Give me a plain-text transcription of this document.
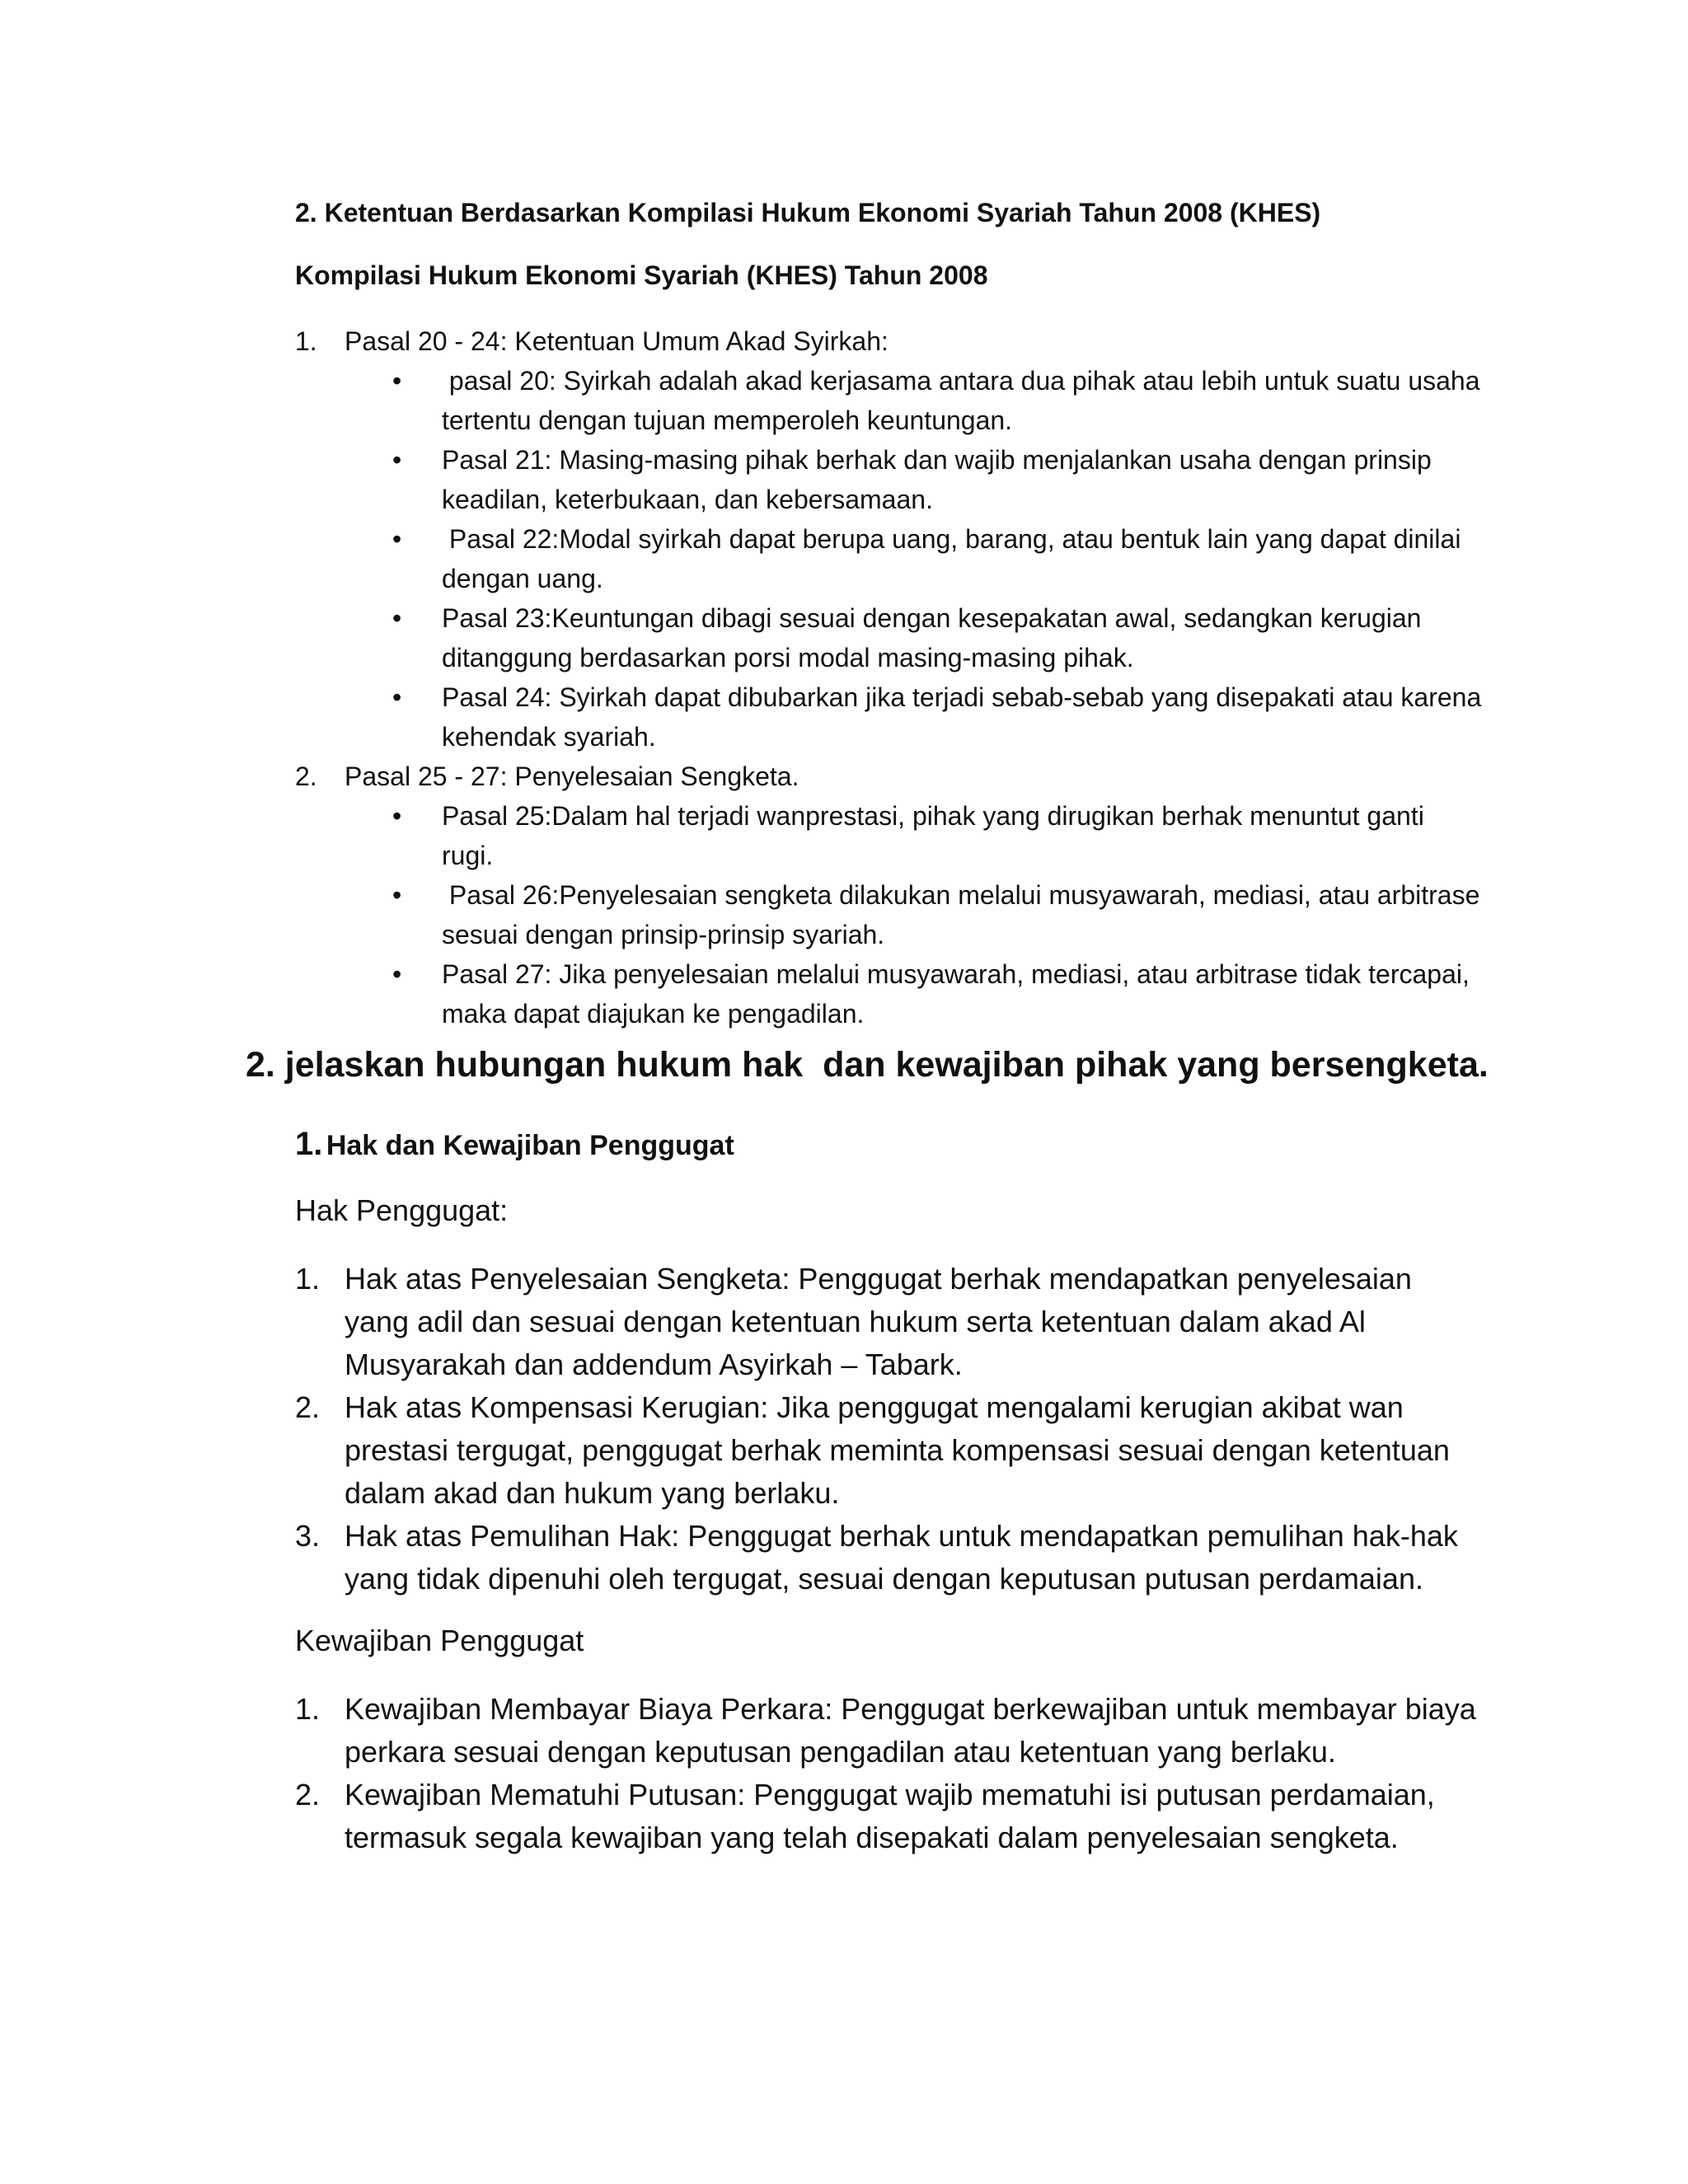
2. Ketentuan Berdasarkan Kompilasi Hukum Ekonomi Syariah Tahun 2008 (KHES)
Kompilasi Hukum Ekonomi Syariah (KHES) Tahun 2008
1. Pasal 20 - 24: Ketentuan Umum Akad Syirkah:
• pasal 20: Syirkah adalah akad kerjasama antara dua pihak atau lebih untuk suatu usaha tertentu dengan tujuan memperoleh keuntungan.
• Pasal 21: Masing-masing pihak berhak dan wajib menjalankan usaha dengan prinsip keadilan, keterbukaan, dan kebersamaan.
• Pasal 22:Modal syirkah dapat berupa uang, barang, atau bentuk lain yang dapat dinilai dengan uang.
• Pasal 23:Keuntungan dibagi sesuai dengan kesepakatan awal, sedangkan kerugian ditanggung berdasarkan porsi modal masing-masing pihak.
• Pasal 24: Syirkah dapat dibubarkan jika terjadi sebab-sebab yang disepakati atau karena kehendak syariah.
2. Pasal 25 - 27: Penyelesaian Sengketa.
• Pasal 25:Dalam hal terjadi wanprestasi, pihak yang dirugikan berhak menuntut ganti rugi.
• Pasal 26:Penyelesaian sengketa dilakukan melalui musyawarah, mediasi, atau arbitrase sesuai dengan prinsip-prinsip syariah.
• Pasal 27: Jika penyelesaian melalui musyawarah, mediasi, atau arbitrase tidak tercapai, maka dapat diajukan ke pengadilan.
2. jelaskan hubungan hukum hak  dan kewajiban pihak yang bersengketa.
1. Hak dan Kewajiban Penggugat
Hak Penggugat:
1. Hak atas Penyelesaian Sengketa: Penggugat berhak mendapatkan penyelesaian yang adil dan sesuai dengan ketentuan hukum serta ketentuan dalam akad Al Musyarakah dan addendum Asyirkah – Tabark.
2. Hak atas Kompensasi Kerugian: Jika penggugat mengalami kerugian akibat wan prestasi tergugat, penggugat berhak meminta kompensasi sesuai dengan ketentuan dalam akad dan hukum yang berlaku.
3. Hak atas Pemulihan Hak: Penggugat berhak untuk mendapatkan pemulihan hak-hak yang tidak dipenuhi oleh tergugat, sesuai dengan keputusan putusan perdamaian.
Kewajiban Penggugat
1. Kewajiban Membayar Biaya Perkara: Penggugat berkewajiban untuk membayar biaya perkara sesuai dengan keputusan pengadilan atau ketentuan yang berlaku.
2. Kewajiban Mematuhi Putusan: Penggugat wajib mematuhi isi putusan perdamaian, termasuk segala kewajiban yang telah disepakati dalam penyelesaian sengketa.
